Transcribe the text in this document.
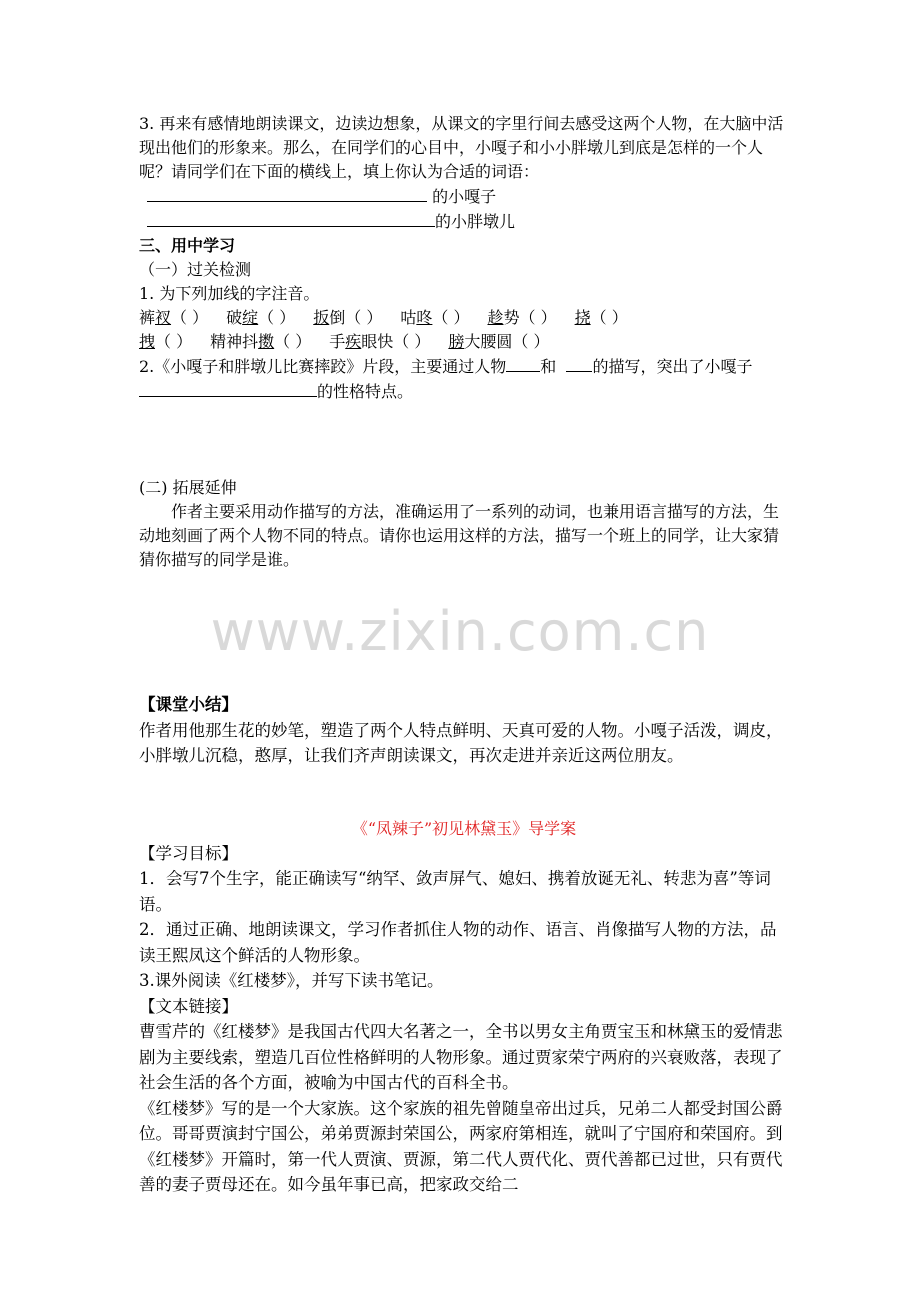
www.zixin.com.cn

3. 再来有感情地朗读课文，边读边想象，从课文的字里行间去感受这两个人物，在大脑中活现出他们的形象来。那么，在同学们的心目中，小嘎子和小小胖墩儿到底是怎样的一个人呢？请同学们在下面的横线上，填上你认为合适的词语：

的小嘎子

的小胖墩儿

三、用中学习

（一）过关检测

1. 为下列加线的字注音。

裤衩（ ） 破绽（ ） 扳倒（ ） 咕咚（ ） 趁势（ ） 挠（ ）

拽（ ） 精神抖擞（ ） 手疾眼快（ ） 膀大腰圆（ ）

2.《小嘎子和胖墩儿比赛摔跤》片段，主要通过人物 和 的描写，突出了小嘎子的性格特点。

(二) 拓展延伸

作者主要采用动作描写的方法，准确运用了一系列的动词，也兼用语言描写的方法，生动地刻画了两个人物不同的特点。请你也运用这样的方法，描写一个班上的同学，让大家猜猜你描写的同学是谁。

【课堂小结】

作者用他那生花的妙笔，塑造了两个人特点鲜明、天真可爱的人物。小嘎子活泼，调皮，小胖墩儿沉稳，憨厚，让我们齐声朗读课文，再次走进并亲近这两位朋友。

《“凤辣子”初见林黛玉》导学案

【学习目标】

1．会写7个生字，能正确读写“纳罕、敛声屏气、媳妇、携着放诞无礼、转悲为喜”等词语。

2．通过正确、地朗读课文，学习作者抓住人物的动作、语言、肖像描写人物的方法，品读王熙凤这个鲜活的人物形象。

3.课外阅读《红楼梦》，并写下读书笔记。

【文本链接】

曹雪芹的《红楼梦》是我国古代四大名著之一，全书以男女主角贾宝玉和林黛玉的爱情悲剧为主要线索，塑造几百位性格鲜明的人物形象。通过贾家荣宁两府的兴衰败落，表现了社会生活的各个方面，被喻为中国古代的百科全书。

《红楼梦》写的是一个大家族。这个家族的祖先曾随皇帝出过兵，兄弟二人都受封国公爵位。哥哥贾演封宁国公，弟弟贾源封荣国公，两家府第相连，就叫了宁国府和荣国府。到《红楼梦》开篇时，第一代人贾演、贾源，第二代人贾代化、贾代善都已过世，只有贾代善的妻子贾母还在。如今虽年事已高，把家政交给二
